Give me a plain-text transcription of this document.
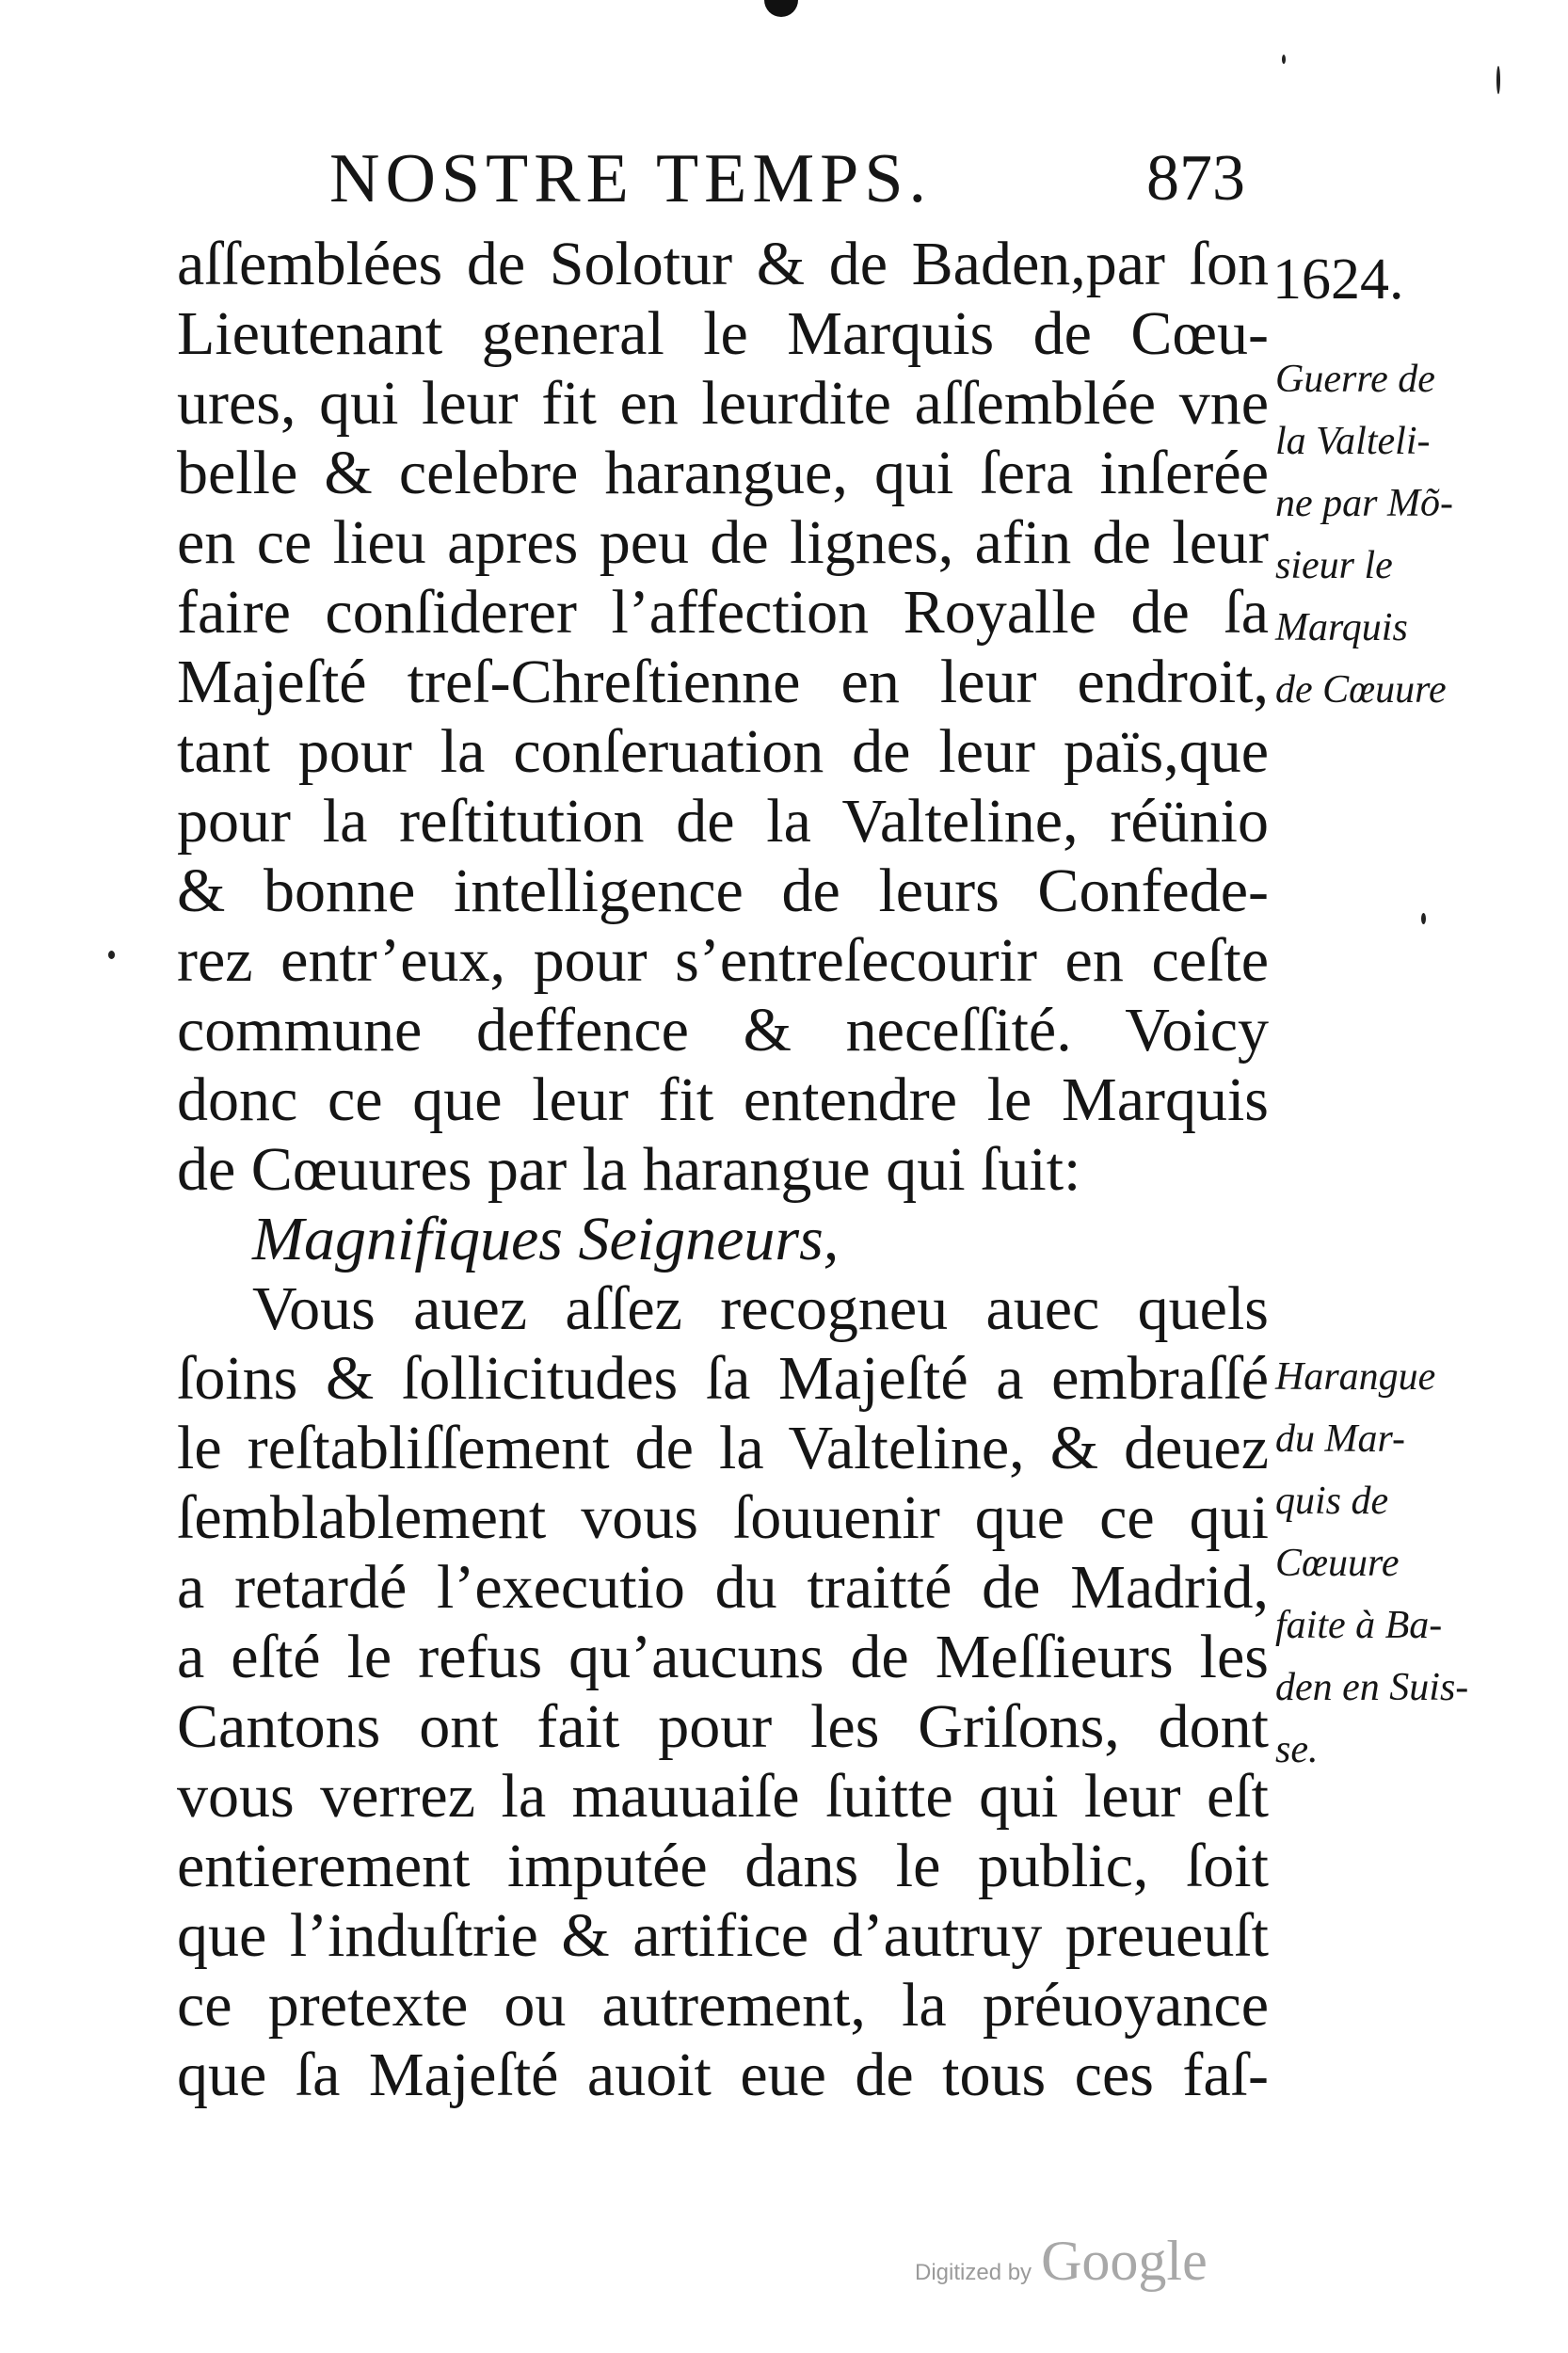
NOSTRE TEMPS.	873
1624.
Guerre de
la Valteli-
ne par Mõ-
sieur le
Marquis
de Cœuure
Harangue
du Mar-
quis de
Cœuure
faite à Ba-
den en Suis-
se.
aſſemblées de Solotur & de Baden,par ſon
Lieutenant general le Marquis de Cœu-
ures, qui leur fit en leurdite aſſemblée vne
belle & celebre harangue, qui ſera inſerée
en ce lieu apres peu de lignes, afin de leur
faire conſiderer l’affection Royalle de ſa
Majeſté treſ-Chreſtienne en leur endroit,
tant pour la conſeruation de leur païs,que
pour la reſtitution de la Valteline, réünio
& bonne intelligence de leurs Confede-
rez entr’eux, pour s’entreſecourir en ceſte
commune deffence & neceſſité. Voicy
donc ce que leur fit entendre le Marquis
de Cœuures par la harangue qui ſuit:
Magnifiques Seigneurs,
Vous auez aſſez recogneu auec quels
ſoins & ſollicitudes ſa Majeſté a embraſſé
le reſtabliſſement de la Valteline, & deuez
ſemblablement vous ſouuenir que ce qui
a retardé l’executio du traitté de Madrid,
a eſté le refus qu’aucuns de Meſſieurs les
Cantons ont fait pour les Griſons, dont
vous verrez la mauuaiſe ſuitte qui leur eſt
entierement imputée dans le public, ſoit
que l’induſtrie & artifice d’autruy preueuſt
ce pretexte ou autrement, la préuoyance
que ſa Majeſté auoit eue de tous ces faſ-
Digitized by Google
